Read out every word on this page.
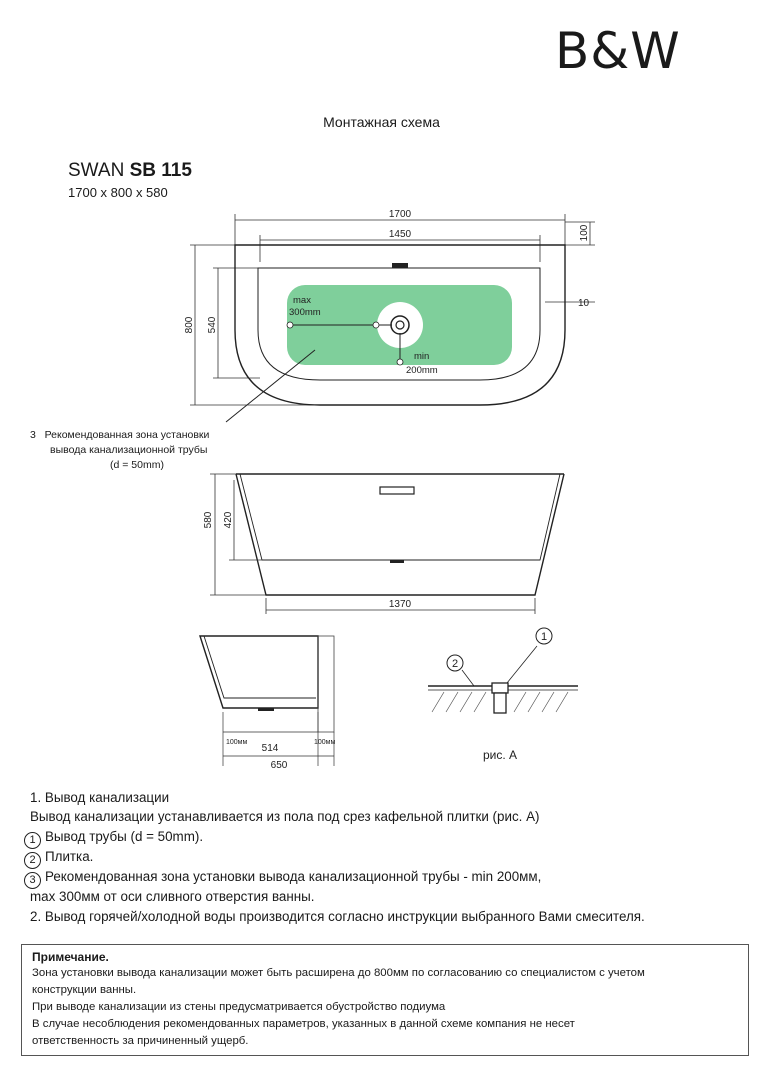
B&W
Монтажная схема
SWAN SB 115
1700 x 800 x 580
1700
1450
800 540
100
10
max
300mm
min
200mm
580 420
1370
100мм
514
100мм
650
1
2
рис. А
3 Рекомендованная зона установки
вывода канализационной трубы
(d = 50mm)
1. Вывод канализации
Вывод канализации устанавливается из пола под срез кафельной плитки (рис. А)
1 Вывод трубы (d = 50mm).
2 Плитка.
3 Рекомендованная зона установки вывода канализационной трубы - min 200мм,
max 300мм от оси сливного отверстия ванны.
2. Вывод горячей/холодной воды производится согласно инструкции выбранного Вами смесителя.
Примечание.
Зона установки вывода канализации может быть расширена до 800мм по согласованию со специалистом с учетом
конструкции ванны.
При выводе канализации из стены предусматривается обустройство подиума
В случае несоблюдения рекомендованных параметров, указанных в данной схеме компания не несет
ответственность за причиненный ущерб.
